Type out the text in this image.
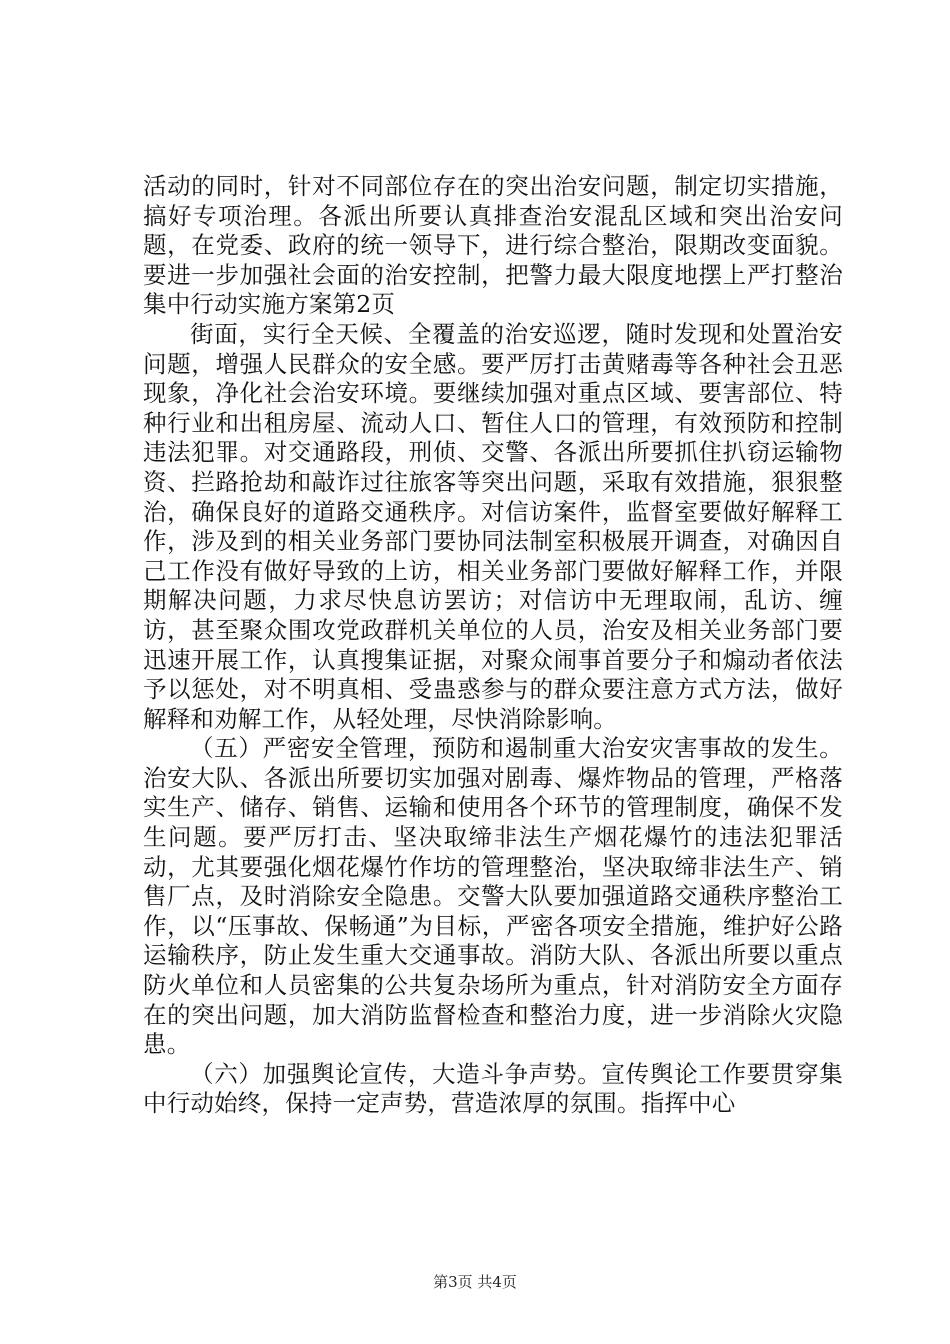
活动的同时，针对不同部位存在的突出治安问题，制定切实措施，搞好专项治理。各派出所要认真排查治安混乱区域和突出治安问题，在党委、政府的统一领导下，进行综合整治，限期改变面貌。要进一步加强社会面的治安控制，把警力最大限度地摆上严打整治集中行动实施方案第2页

街面，实行全天候、全覆盖的治安巡逻，随时发现和处置治安问题，增强人民群众的安全感。要严厉打击黄赌毒等各种社会丑恶现象，净化社会治安环境。要继续加强对重点区域、要害部位、特种行业和出租房屋、流动人口、暂住人口的管理，有效预防和控制违法犯罪。对交通路段，刑侦、交警、各派出所要抓住扒窃运输物资、拦路抢劫和敲诈过往旅客等突出问题，采取有效措施，狠狠整治，确保良好的道路交通秩序。对信访案件，监督室要做好解释工作，涉及到的相关业务部门要协同法制室积极展开调查，对确因自己工作没有做好导致的上访，相关业务部门要做好解释工作，并限期解决问题，力求尽快息访罢访；对信访中无理取闹，乱访、缠访，甚至聚众围攻党政群机关单位的人员，治安及相关业务部门要迅速开展工作，认真搜集证据，对聚众闹事首要分子和煽动者依法予以惩处，对不明真相、受蛊惑参与的群众要注意方式方法，做好解释和劝解工作，从轻处理，尽快消除影响。

（五）严密安全管理，预防和遏制重大治安灾害事故的发生。治安大队、各派出所要切实加强对剧毒、爆炸物品的管理，严格落实生产、储存、销售、运输和使用各个环节的管理制度，确保不发生问题。要严厉打击、坚决取缔非法生产烟花爆竹的违法犯罪活动，尤其要强化烟花爆竹作坊的管理整治，坚决取缔非法生产、销售厂点，及时消除安全隐患。交警大队要加强道路交通秩序整治工作，以“压事故、保畅通”为目标，严密各项安全措施，维护好公路运输秩序，防止发生重大交通事故。消防大队、各派出所要以重点防火单位和人员密集的公共复杂场所为重点，针对消防安全方面存在的突出问题，加大消防监督检查和整治力度，进一步消除火灾隐患。

（六）加强舆论宣传，大造斗争声势。宣传舆论工作要贯穿集中行动始终，保持一定声势，营造浓厚的氛围。指挥中心

第3页 共4页
